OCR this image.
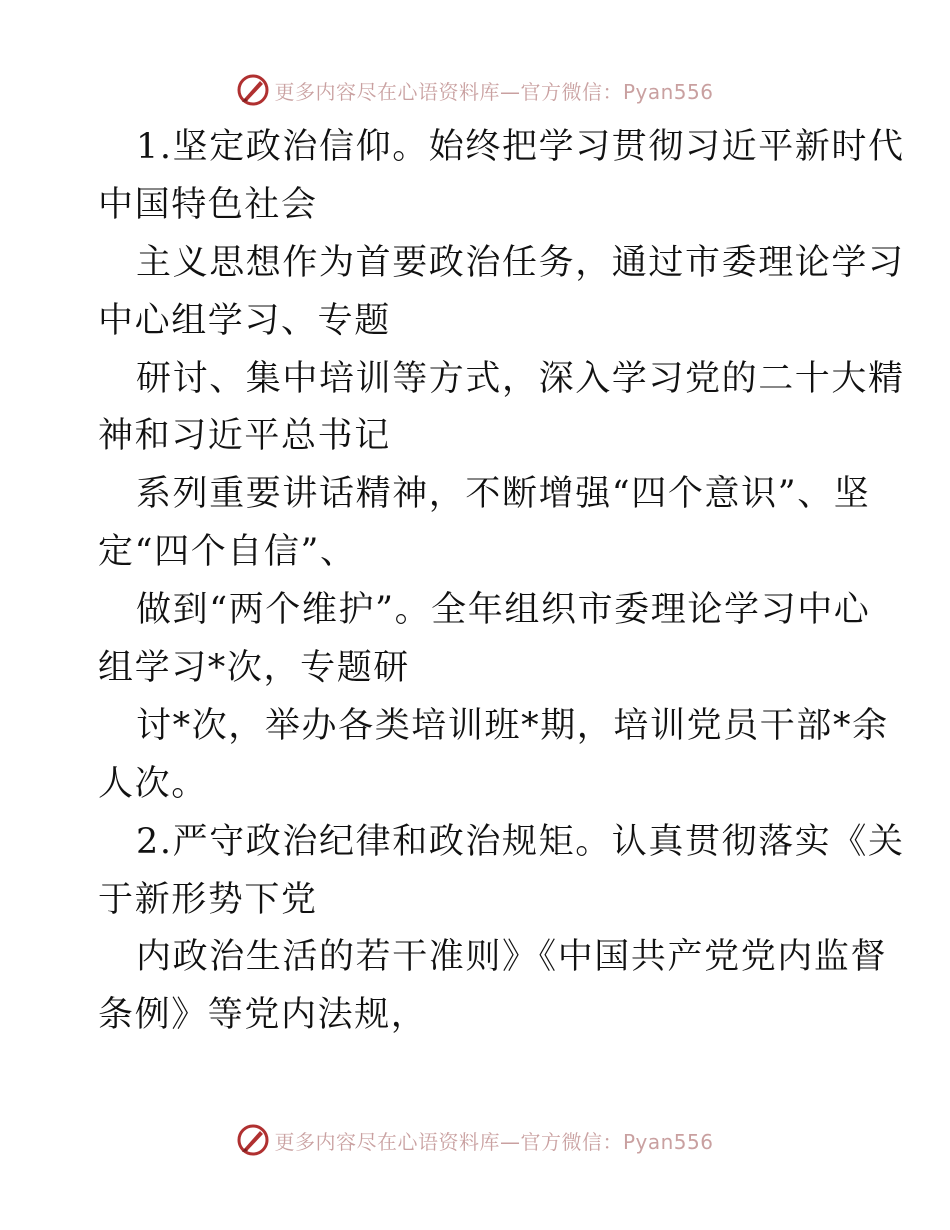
更多内容尽在心语资料库—官方微信：Pyan556
1.坚定政治信仰。始终把学习贯彻习近平新时代
中国特色社会
主义思想作为首要政治任务，通过市委理论学习
中心组学习、专题
研讨、集中培训等方式，深入学习党的二十大精
神和习近平总书记
系列重要讲话精神，不断增强“四个意识”、坚
定“四个自信”、
做到“两个维护”。全年组织市委理论学习中心
组学习*次，专题研
讨*次，举办各类培训班*期，培训党员干部*余
人次。
2.严守政治纪律和政治规矩。认真贯彻落实《关
于新形势下党
内政治生活的若干准则》《中国共产党党内监督
条例》等党内法规，
更多内容尽在心语资料库—官方微信：Pyan556
